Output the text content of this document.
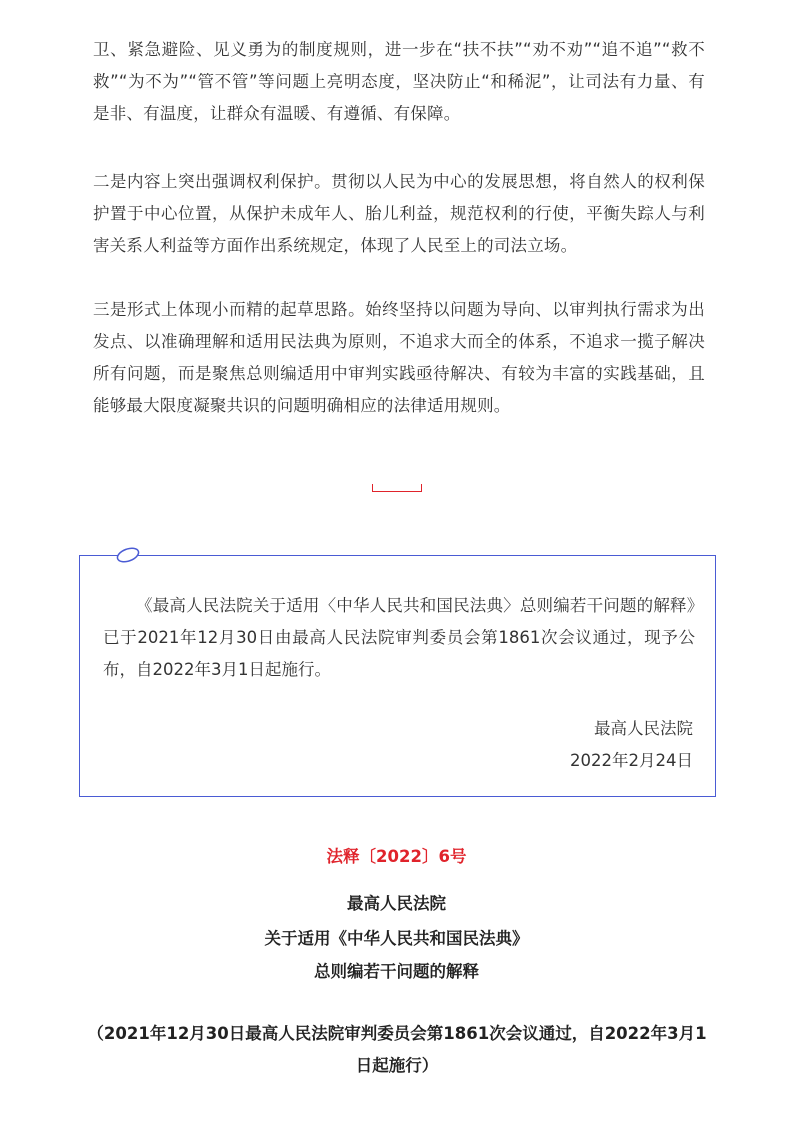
卫、紧急避险、见义勇为的制度规则，进一步在“扶不扶”“劝不劝”“追不追”“救不救”“为不为”“管不管”等问题上亮明态度，坚决防止“和稀泥”，让司法有力量、有是非、有温度，让群众有温暖、有遵循、有保障。

二是内容上突出强调权利保护。贯彻以人民为中心的发展思想，将自然人的权利保护置于中心位置，从保护未成年人、胎儿利益，规范权利的行使，平衡失踪人与利害关系人利益等方面作出系统规定，体现了人民至上的司法立场。

三是形式上体现小而精的起草思路。始终坚持以问题为导向、以审判执行需求为出发点、以准确理解和适用民法典为原则，不追求大而全的体系，不追求一揽子解决所有问题，而是聚焦总则编适用中审判实践亟待解决、有较为丰富的实践基础，且能够最大限度凝聚共识的问题明确相应的法律适用规则。

《最高人民法院关于适用〈中华人民共和国民法典〉总则编若干问题的解释》已于2021年12月30日由最高人民法院审判委员会第1861次会议通过，现予公布，自2022年3月1日起施行。

最高人民法院
2022年2月24日
法释〔2022〕6号
最高人民法院
关于适用《中华人民共和国民法典》
总则编若干问题的解释

（2021年12月30日最高人民法院审判委员会第1861次会议通过，自2022年3月1日起施行）
